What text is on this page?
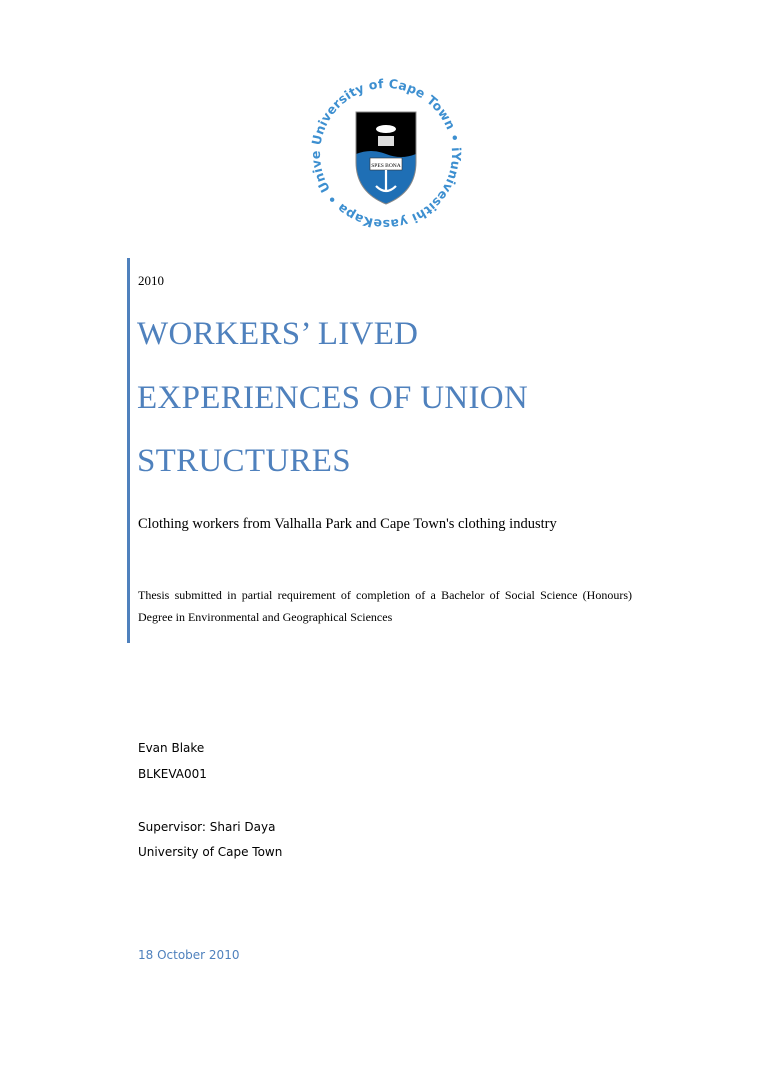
University of Cape Town • iYunivesithi yaseKapa • Unive
SPES BONA
2010
WORKERS’ LIVED
EXPERIENCES OF UNION
STRUCTURES
Clothing workers from Valhalla Park and Cape Town's clothing industry
Thesis submitted in partial requirement of completion of a Bachelor of Social Science (Honours) Degree in Environmental and Geographical Sciences
Evan Blake
BLKEVA001
Supervisor: Shari Daya
University of Cape Town
18 October 2010
